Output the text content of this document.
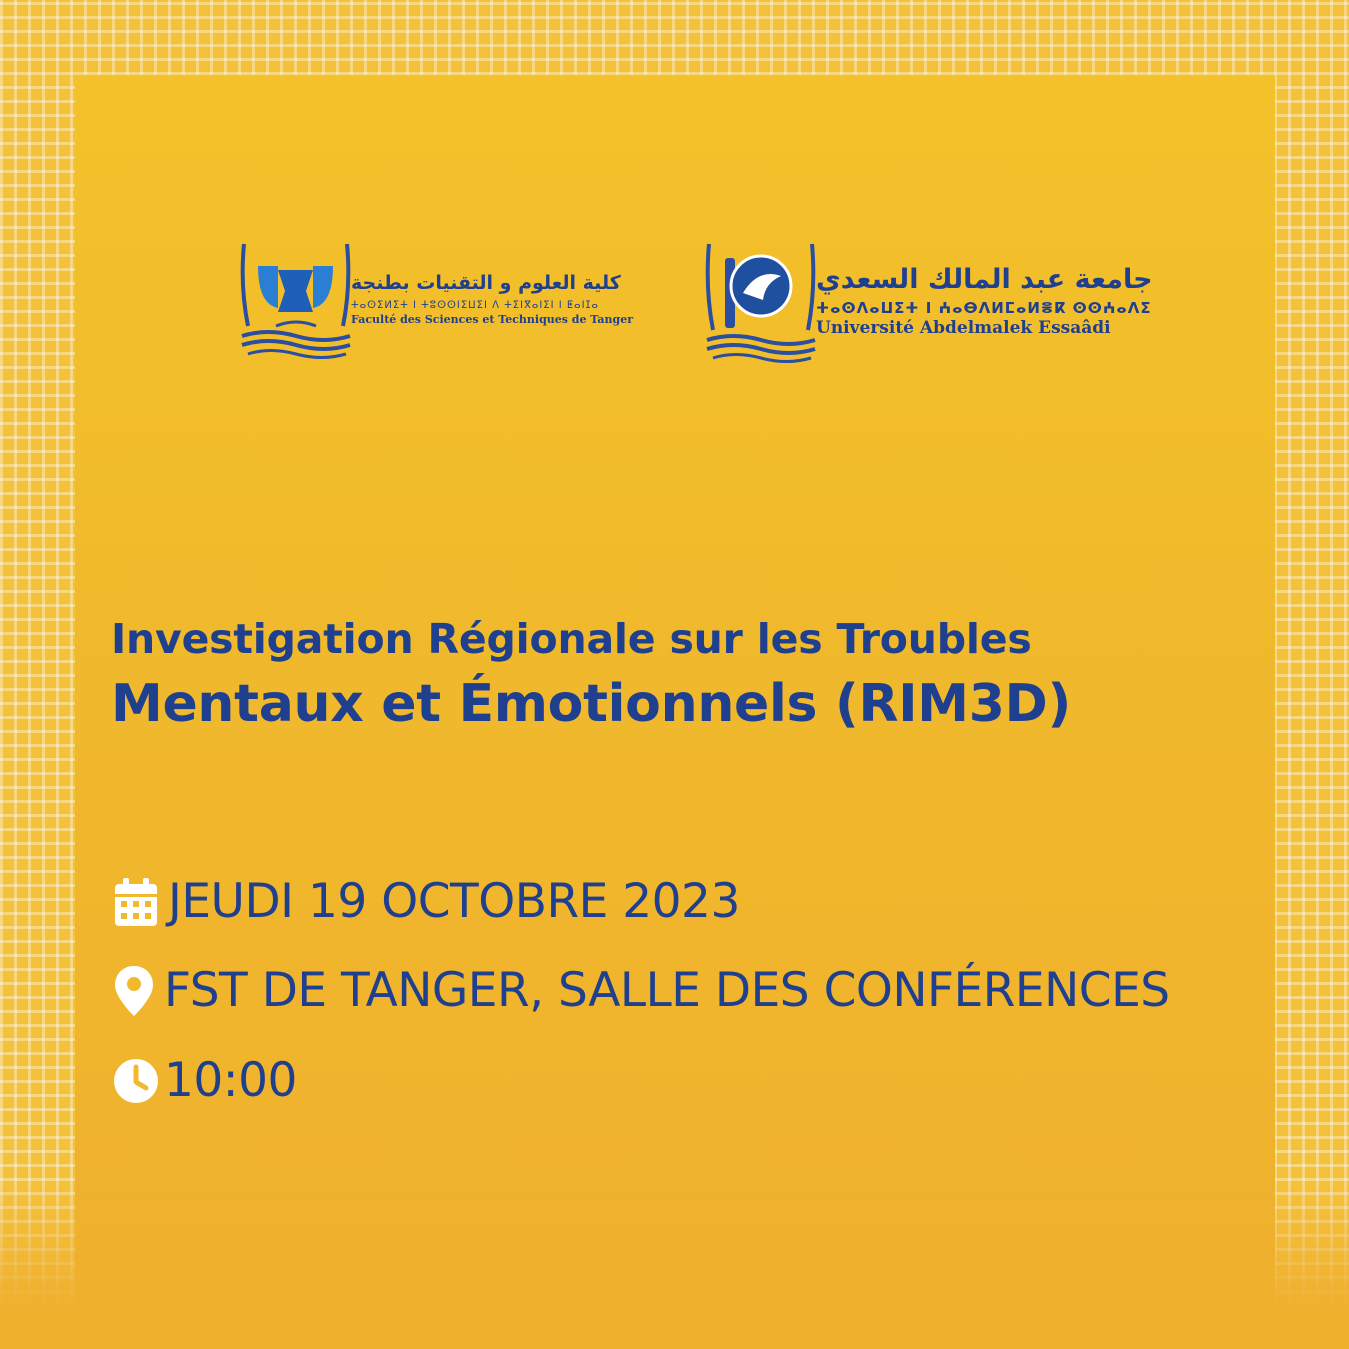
كلية العلوم و التقنيات بطنجة
ⵜⴰⵙⵉⵍⵉⵜ ⵏ ⵜⵓⵙⵙⵏⵉⵡⵉⵏ ⴷ ⵜⵉⵏⴳⴰⵏⵉⵏ ⵏ ⵟⴰⵏⵊⴰ
Faculté des Sciences et Techniques de Tanger
جامعة عبد المالك السعدي
ⵜⴰⵙⴷⴰⵡⵉⵜ ⵏ ⵄⴰⴱⴷⵍⵎⴰⵍⴻⴽ ⵙⵙⵄⴰⴷⵉ
Université Abdelmalek Essaâdi
Investigation Régionale sur les Troubles
Mentaux et Émotionnels (RIM3D)
JEUDI 19 OCTOBRE 2023
FST DE TANGER, SALLE DES CONFÉRENCES
10:00
